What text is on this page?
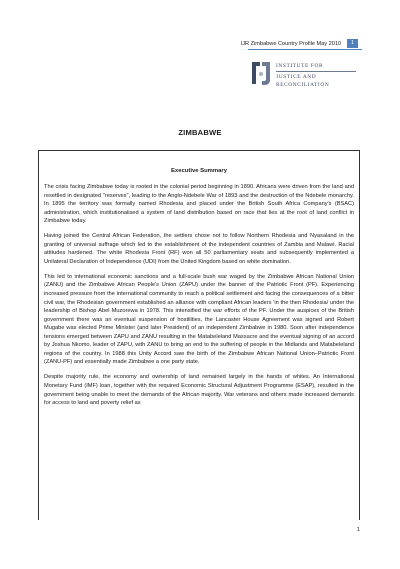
IJR Zimbabwe Country Profile May 2010	1
INSTITUTE FOR
JUSTICE AND RECONCILIATION
ZIMBABWE
Executive Summary

The crisis facing Zimbabwe today is rooted in the colonial period beginning in 1890. Africans were driven from the land and resettled in designated "reserves", leading to the Anglo-Ndebele War of 1893 and the destruction of the Ndebele monarchy. In 1895 the territory was formally named Rhodesia and placed under the British South Africa Company's (BSAC) administration, which institutionalised a system of land distribution based on race that lies at the root of land conflict in Zimbabwe today.

Having joined the Central African Federation, the settlers chose not to follow Northern Rhodesia and Nyasaland in the granting of universal suffrage which led to the establishment of the independent countries of Zambia and Malawi. Racial attitudes hardened. The white Rhodesia Front (RF) won all 50 parliamentary seats and subsequently implemented a Unilateral Declaration of Independence (UDI) from the United Kingdom based on white domination.

This led to international economic sanctions and a full-scale bush war waged by the Zimbabwe African National Union (ZANU) and the Zimbabwe African People's Union (ZAPU) under the banner of the Patriotic Front (PF). Experiencing increased pressure from the international community to reach a political settlement and facing the consequences of a bitter civil war, the Rhodesian government established an alliance with compliant African leaders 'in the then Rhodesia/ under the leadership of Bishop Abel Muzorewa in 1978. This intensified the war efforts of the PF. Under the auspices of the British government there was an eventual suspension of hostilities, the Lancaster House Agreement was signed and Robert Mugabe was elected Prime Minister (and later President) of an independent Zimbabwe in 1980. Soon after independence tensions emerged between ZAPU and ZANU resulting in the Matabeleland Massacre and the eventual signing of an accord by Joshua Nkomo, leader of ZAPU, with ZANU to bring an end to the suffering of people in the Midlands and Matabeleland regions of the country. In 1988 this Unity Accord saw the birth of the Zimbabwe African National Union–Patriotic Front (ZANU-PF) and essentially made Zimbabwe a one party state.

Despite majority rule, the economy and ownership of land remained largely in the hands of whites. An International Monetary Fund (IMF) loan, together with the required Economic Structural Adjustment Programme (ESAP), resulted in the government being unable to meet the demands of the African majority. War veterans and others made increased demands for access to land and poverty relief as

1
